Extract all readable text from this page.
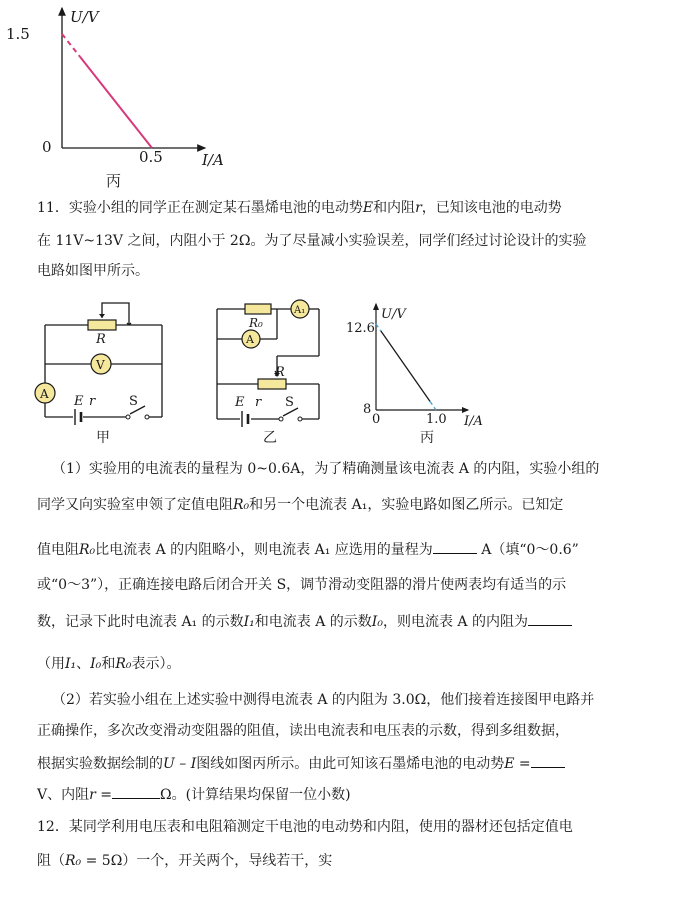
U/V
1.5
0
0.5	I/A
丙
11．实验小组的同学正在测定某石墨烯电池的电动势E和内阻r，已知该电池的电动势
在 11V~13V 之间，内阻小于 2Ω。为了尽量减小实验误差，同学们经过讨论设计的实验
电路如图甲所示。
R
V
A E r	S
甲
R₀
A₁
A
R
E r S
乙
U/V
12.6
8
0	1.0 I/A
丙
（1）实验用的电流表的量程为 0~0.6A，为了精确测量该电流表 A 的内阻，实验小组的
同学又向实验室申领了定值电阻R₀和另一个电流表 A₁，实验电路如图乙所示。已知定
值电阻R₀比电流表 A 的内阻略小，则电流表 A₁ 应选用的量程为	A（填“0～0.6”
或“0～3”），正确连接电路后闭合开关 S，调节滑动变阻器的滑片使两表均有适当的示
数，记录下此时电流表 A₁ 的示数I₁和电流表 A 的示数I₀，则电流表 A 的内阻为
（用I₁、I₀和R₀表示）。
（2）若实验小组在上述实验中测得电流表 A 的内阻为 3.0Ω，他们接着连接图甲电路并
正确操作，多次改变滑动变阻器的阻值，读出电流表和电压表的示数，得到多组数据，
根据实验数据绘制的U – I图线如图丙所示。由此可知该石墨烯电池的电动势E =
V、内阻r =	Ω。(计算结果均保留一位小数)
12．某同学利用电压表和电阻箱测定干电池的电动势和内阻，使用的器材还包括定值电
阻（R₀ = 5Ω）一个，开关两个，导线若干，实
